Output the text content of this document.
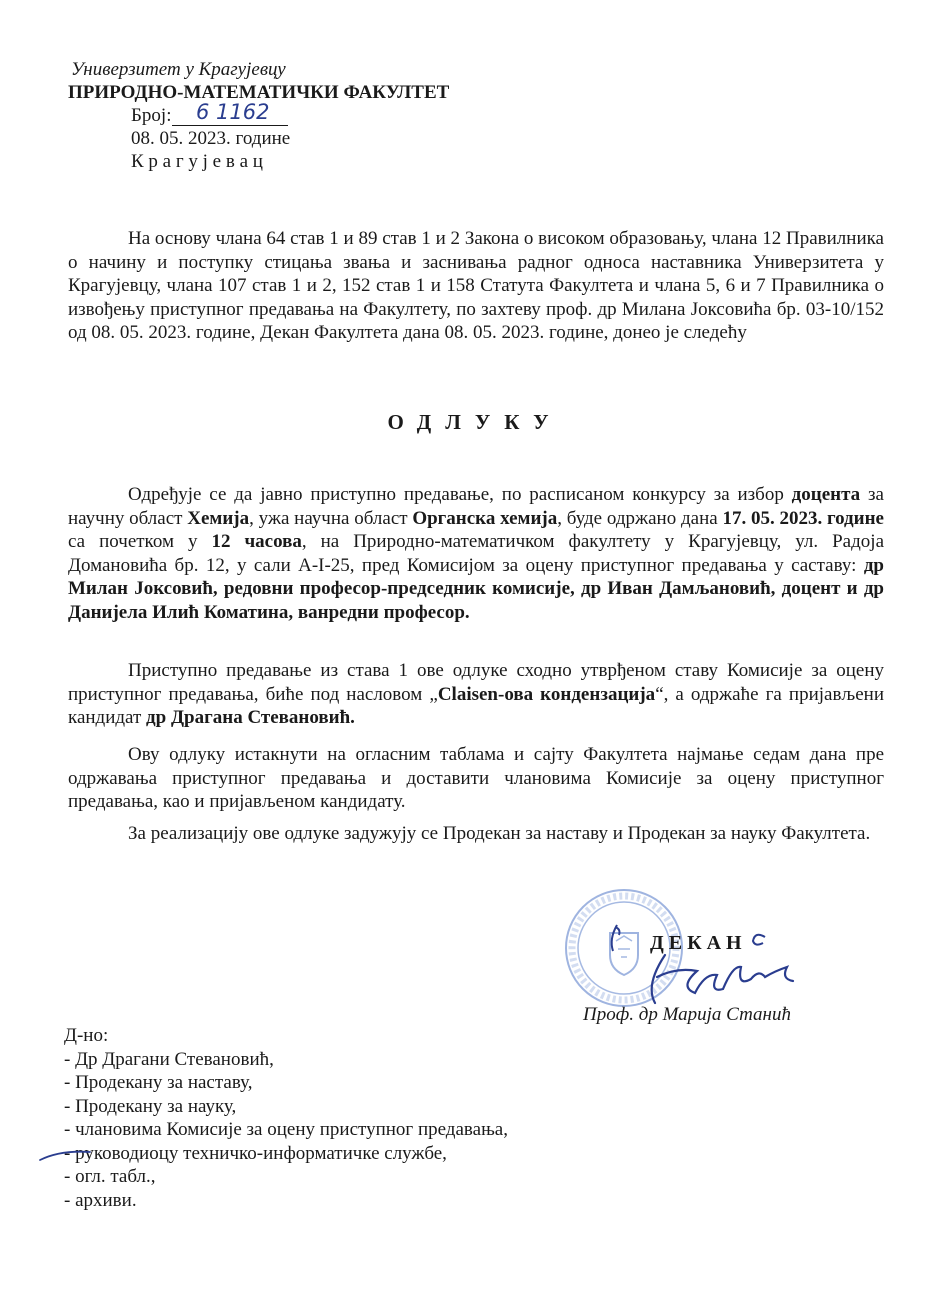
Универзитет у Крагујевцу
ПРИРОДНО-МАТЕМАТИЧКИ ФАКУЛТЕТ
Број: 6 1162
08. 05. 2023. године
К р а г у ј е в а ц
На основу члана 64 став 1 и 89 став 1 и 2 Закона о високом образовању, члана 12 Правилника о начину и поступку стицања звања и заснивања радног односа наставника Универзитета у Крагујевцу, члана 107 став 1 и 2, 152 став 1 и 158 Статута Факултета и члана 5, 6 и 7 Правилника о извођењу приступног предавања на Факултету, по захтеву проф. др Милана Јоксовића бр. 03-10/152 од 08. 05. 2023. године, Декан Факултета дана 08. 05. 2023. године, донео је следећу
ОДЛУКУ
Одређује се да јавно приступно предавање, по расписаном конкурсу за избор доцента за научну област Хемија, ужа научна област Органска хемија, буде одржано дана 17. 05. 2023. године са почетком у 12 часова, на Природно-математичком факултету у Крагујевцу, ул. Радоја Домановића бр. 12, у сали А-I-25, пред Комисијом за оцену приступног предавања у саставу: др Милан Јоксовић, редовни професор-председник комисије, др Иван Дамљановић, доцент и др Данијела Илић Коматина, ванредни професор.
Приступно предавање из става 1 ове одлуке сходно утврђеном ставу Комисије за оцену приступног предавања, биће под насловом „Claisen-ова кондензација“, а одржаће га пријављени кандидат др Драгана Стевановић.
Ову одлуку истакнути на огласним таблама и сајту Факултета најмање седам дана пре одржавања приступног предавања и доставити члановима Комисије за оцену приступног предавања, као и пријављеном кандидату.
За реализацију ове одлуке задужују се Продекан за наставу и Продекан за науку Факултета.
Д Е К А Н
Проф. др Марија Станић
Д-но:
- Др Драгани Стевановић,
- Продекану за наставу,
- Продекану за науку,
- члановима Комисије за оцену приступног предавања,
- руководиоцу техничко-информатичке службе,
- огл. табл.,
- архиви.
